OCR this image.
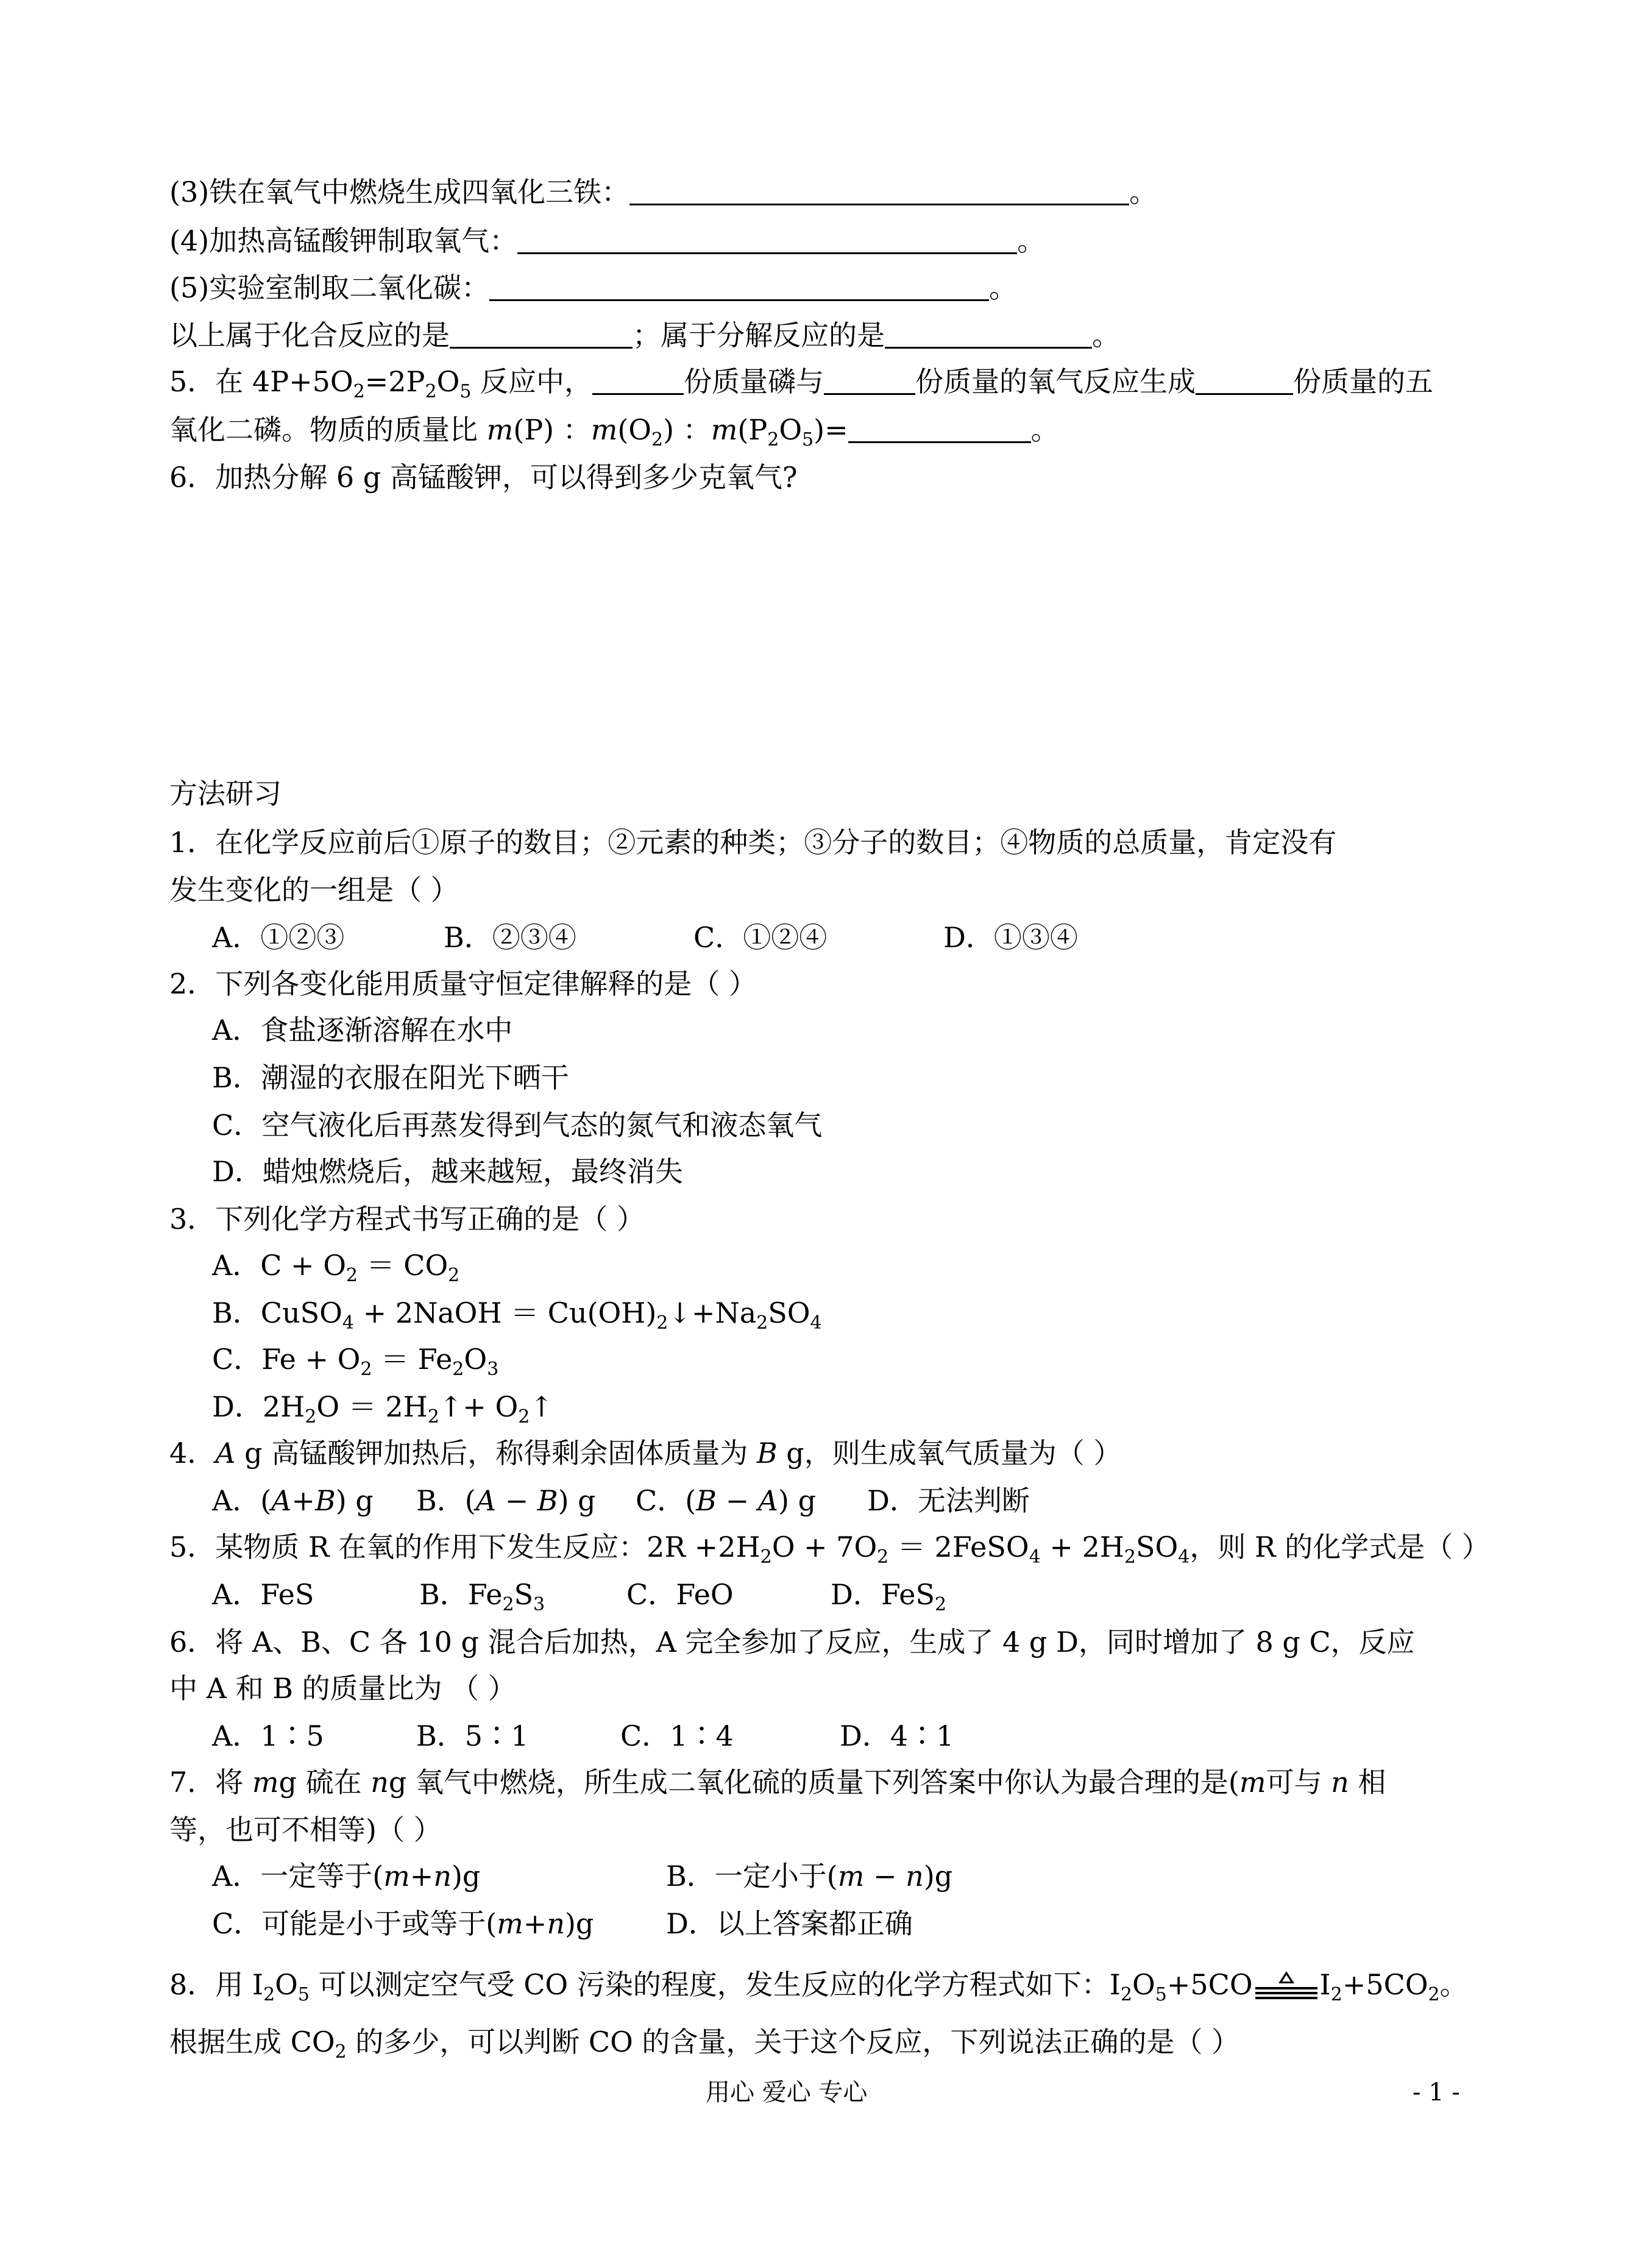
(3)铁在氧气中燃烧生成四氧化三铁：	。
(4)加热高锰酸钾制取氧气：	。
(5)实验室制取二氧化碳：	。
以上属于化合反应的是	；属于分解反应的是	。
5．在 $4P+5O_2=2P_2O_5$ 反应中，	份质量磷与	份质量的氧气反应生成	份质量的五
氧化二磷。物质的质量比 m(P) ：$m(O_2)$ ：$m(P_2O_5)=$	。
6．加热分解 6 g 高锰酸钾，可以得到多少克氧气?
方法研习
1．在化学反应前后①原子的数目；②元素的种类；③分子的数目；④物质的总质量，肯定没有
发生变化的一组是（ ）
A．①②③	B．②③④	C．①②④	D．①③④
2．下列各变化能用质量守恒定律解释的是（ ）
A．食盐逐渐溶解在水中
B．潮湿的衣服在阳光下晒干
C．空气液化后再蒸发得到气态的氮气和液态氧气
D．蜡烛燃烧后，越来越短，最终消失
3．下列化学方程式书写正确的是（ ）
A．$C + O_2 = CO_2$
B．CuSO$_4$ + 2NaOH ＝ $Cu(OH)_2↓+Na_2SO_4$
C．$Fe + O_2 = Fe_2O_3$
D．$2H_2O$ ＝ $2H_2↑+$ $O_2↑$
4．A g 高锰酸钾加热后，称得剩余固体质量为 B g，则生成氧气质量为（ ）
A．(A+B) g B．(A − B) g C．(B − A) g D．无法判断
5．某物质 R 在氧的作用下发生反应：$2R +2H_2O + 7O_2$ ＝ 2FeSO$_4$ + $2H_2SO_4$，则 R 的化学式是（ ）
A．FeS	B．$Fe_2S_3$	C．FeO	D．FeS$_2$
6．将 A、B、C 各 10 g 混合后加热，A 完全参加了反应，生成了 4 g D，同时增加了 8 g C，反应
中 A 和 B 的质量比为 （ ）
A．1∶5	B．5∶1	C．1∶4	D．4∶1
7．将 mg 硫在 ng 氧气中燃烧，所生成二氧化硫的质量下列答案中你认为最合理的是(m可与 n 相
等，也可不相等)（ ）
A．一定等于(m+n)g	B．一定小于(m − n)g
C．可能是小于或等于(m+n)g	D．以上答案都正确
8．用 $I_2O_5$ 可以测定空气受 CO 污染的程度，发生反应的化学方程式如下：$I_2O_5+5CO$ $I_2+5CO_2$。
根据生成 $CO_2$ 的多少，可以判断 CO 的含量，关于这个反应，下列说法正确的是（ ）
用心 爱心 专心	- 1 -
